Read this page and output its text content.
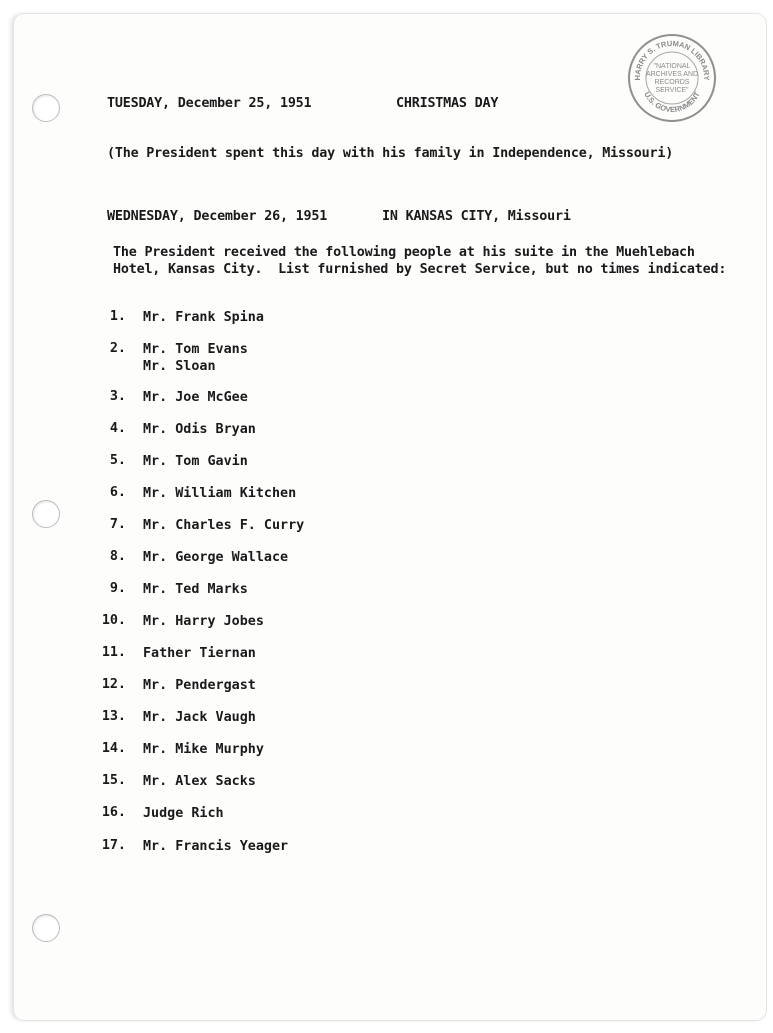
HARRY S. TRUMAN LIBRARY
U.S. GOVERNMENT
"NATIONAL
ARCHIVES AND
RECORDS
SERVICE"
TUESDAY, December 25, 1951	CHRISTMAS DAY
(The President spent this day with his family in Independence, Missouri)
WEDNESDAY, December 26, 1951	IN KANSAS CITY, Missouri
The President received the following people at his suite in the Muehlebach
Hotel, Kansas City.  List furnished by Secret Service, but no times indicated:
1. Mr. Frank Spina
2. Mr. Tom Evans
Mr. Sloan
3. Mr. Joe McGee
4. Mr. Odis Bryan
5. Mr. Tom Gavin
6. Mr. William Kitchen
7. Mr. Charles F. Curry
8. Mr. George Wallace
9. Mr. Ted Marks
10. Mr. Harry Jobes
11. Father Tiernan
12. Mr. Pendergast
13. Mr. Jack Vaugh
14. Mr. Mike Murphy
15. Mr. Alex Sacks
16. Judge Rich
17. Mr. Francis Yeager
